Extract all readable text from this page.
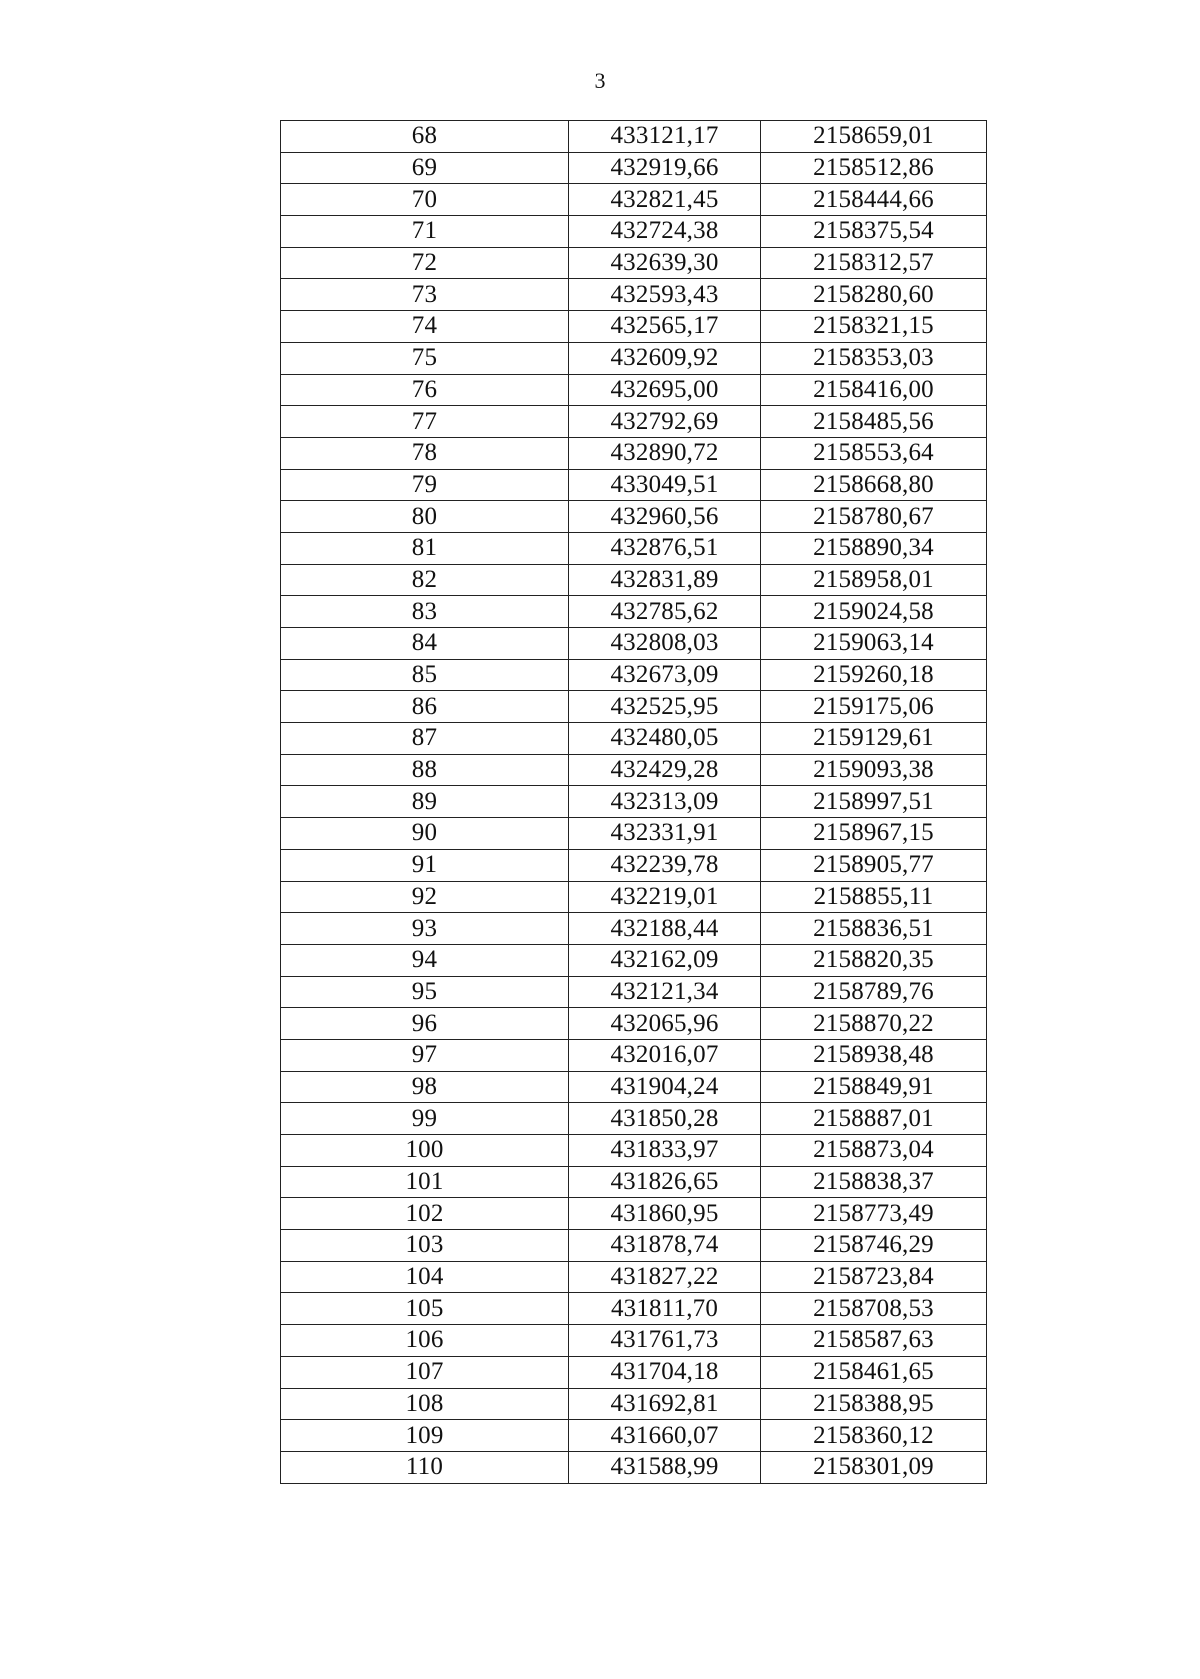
3
68	433121,17	2158659,01
69	432919,66	2158512,86
70	432821,45	2158444,66
71	432724,38	2158375,54
72	432639,30	2158312,57
73	432593,43	2158280,60
74	432565,17	2158321,15
75	432609,92	2158353,03
76	432695,00	2158416,00
77	432792,69	2158485,56
78	432890,72	2158553,64
79	433049,51	2158668,80
80	432960,56	2158780,67
81	432876,51	2158890,34
82	432831,89	2158958,01
83	432785,62	2159024,58
84	432808,03	2159063,14
85	432673,09	2159260,18
86	432525,95	2159175,06
87	432480,05	2159129,61
88	432429,28	2159093,38
89	432313,09	2158997,51
90	432331,91	2158967,15
91	432239,78	2158905,77
92	432219,01	2158855,11
93	432188,44	2158836,51
94	432162,09	2158820,35
95	432121,34	2158789,76
96	432065,96	2158870,22
97	432016,07	2158938,48
98	431904,24	2158849,91
99	431850,28	2158887,01
100	431833,97	2158873,04
101	431826,65	2158838,37
102	431860,95	2158773,49
103	431878,74	2158746,29
104	431827,22	2158723,84
105	431811,70	2158708,53
106	431761,73	2158587,63
107	431704,18	2158461,65
108	431692,81	2158388,95
109	431660,07	2158360,12
110	431588,99	2158301,09
